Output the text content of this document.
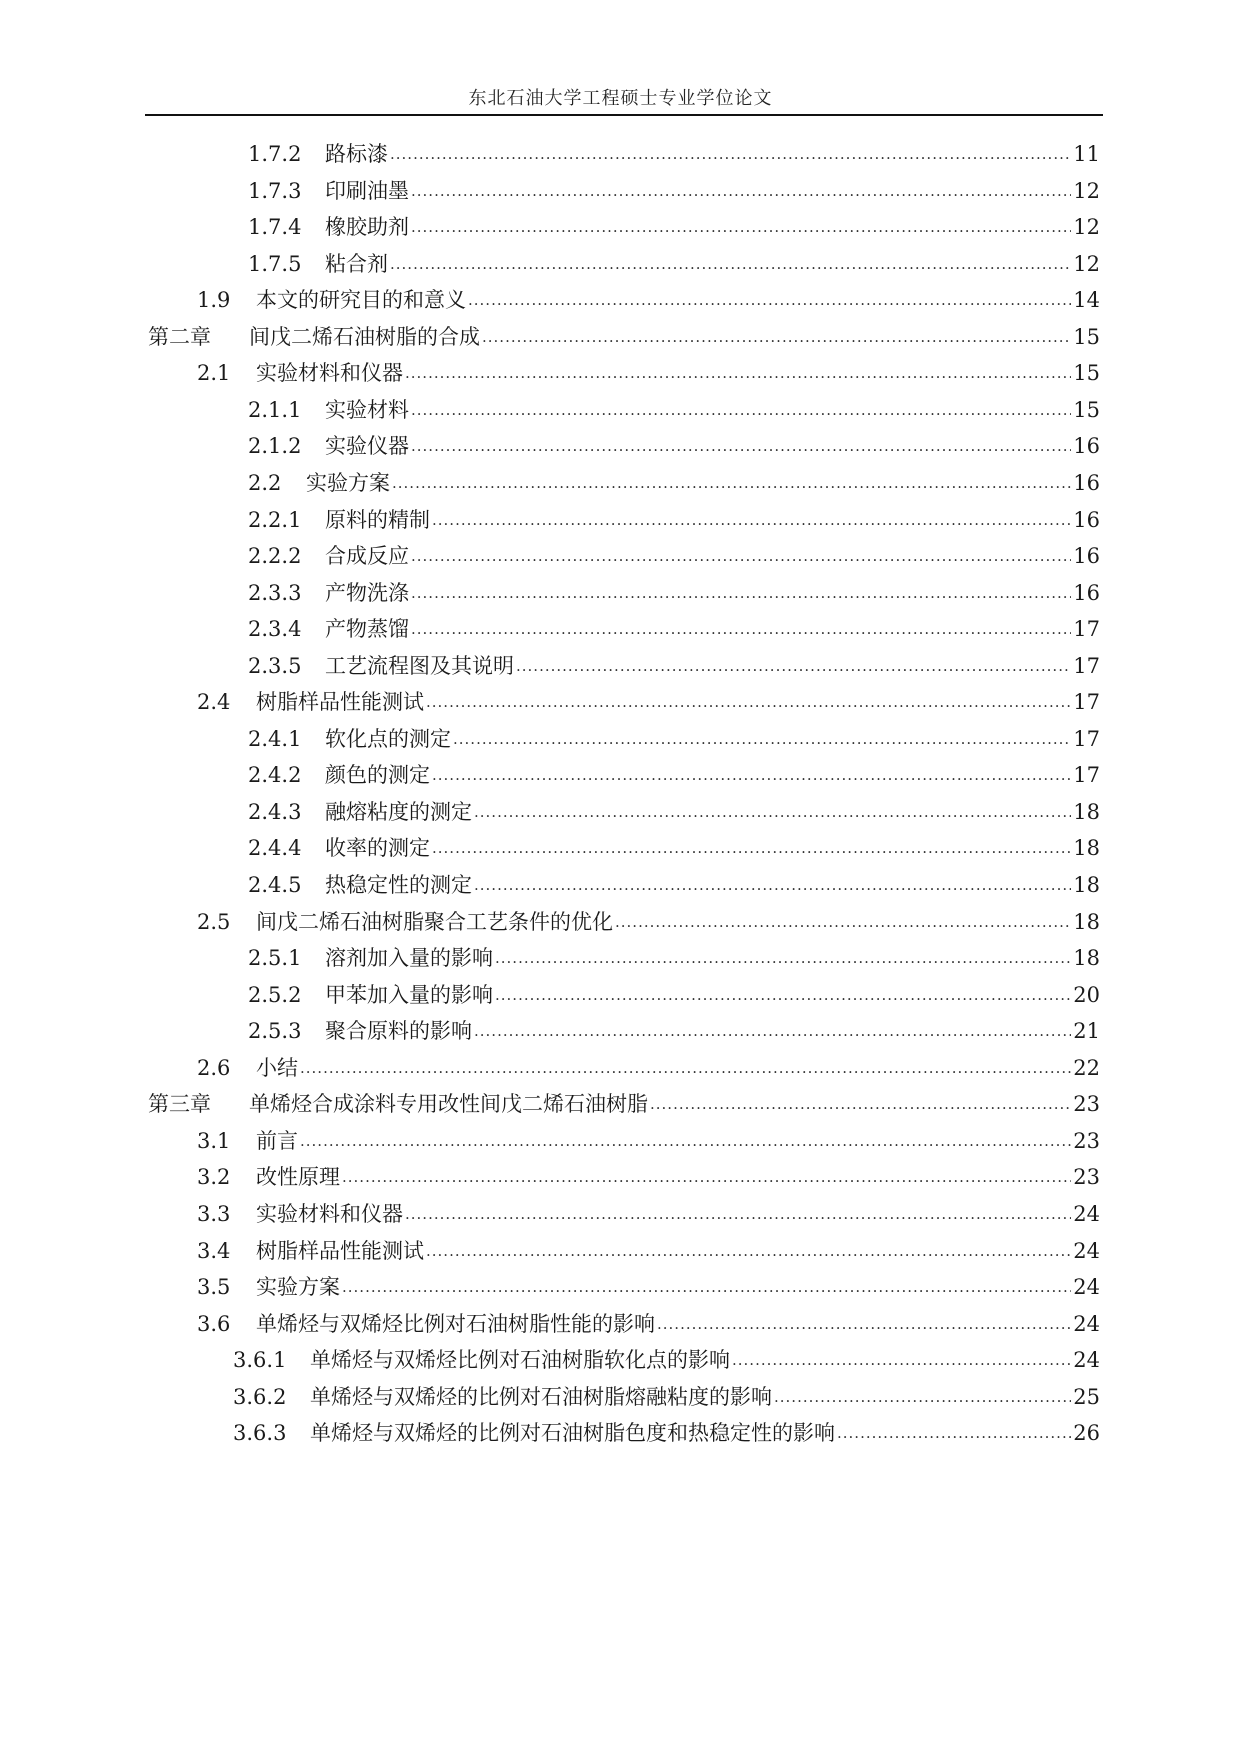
东北石油大学工程硕士专业学位论文
1.7.2	路标漆 .....	11
1.7.3	印刷油墨 .....	12
1.7.4	橡胶助剂 .....	12
1.7.5	粘合剂 .....	12
1.9	本文的研究目的和意义 .....	14
第二章	间戊二烯石油树脂的合成 .....	15
2.1	实验材料和仪器 .....	15
2.1.1	实验材料 .....	15
2.1.2	实验仪器 .....	16
2.2	实验方案 .....	16
2.2.1	原料的精制 .....	16
2.2.2	合成反应 .....	16
2.3.3	产物洗涤 .....	16
2.3.4	产物蒸馏 .....	17
2.3.5	工艺流程图及其说明 .....	17
2.4	树脂样品性能测试 .....	17
2.4.1	软化点的测定 .....	17
2.4.2	颜色的测定 .....	17
2.4.3	融熔粘度的测定 .....	18
2.4.4	收率的测定 .....	18
2.4.5	热稳定性的测定 .....	18
2.5	间戊二烯石油树脂聚合工艺条件的优化 .....	18
2.5.1	溶剂加入量的影响 .....	18
2.5.2	甲苯加入量的影响 .....	20
2.5.3	聚合原料的影响 .....	21
2.6	小结 .....	22
第三章	单烯烃合成涂料专用改性间戊二烯石油树脂 .....	23
3.1	前言 .....	23
3.2	改性原理 .....	23
3.3	实验材料和仪器 .....	24
3.4	树脂样品性能测试 .....	24
3.5	实验方案 .....	24
3.6	单烯烃与双烯烃比例对石油树脂性能的影响 .....	24
3.6.1	单烯烃与双烯烃比例对石油树脂软化点的影响 .....	24
3.6.2	单烯烃与双烯烃的比例对石油树脂熔融粘度的影响 .....	25
3.6.3	单烯烃与双烯烃的比例对石油树脂色度和热稳定性的影响 .....	26
